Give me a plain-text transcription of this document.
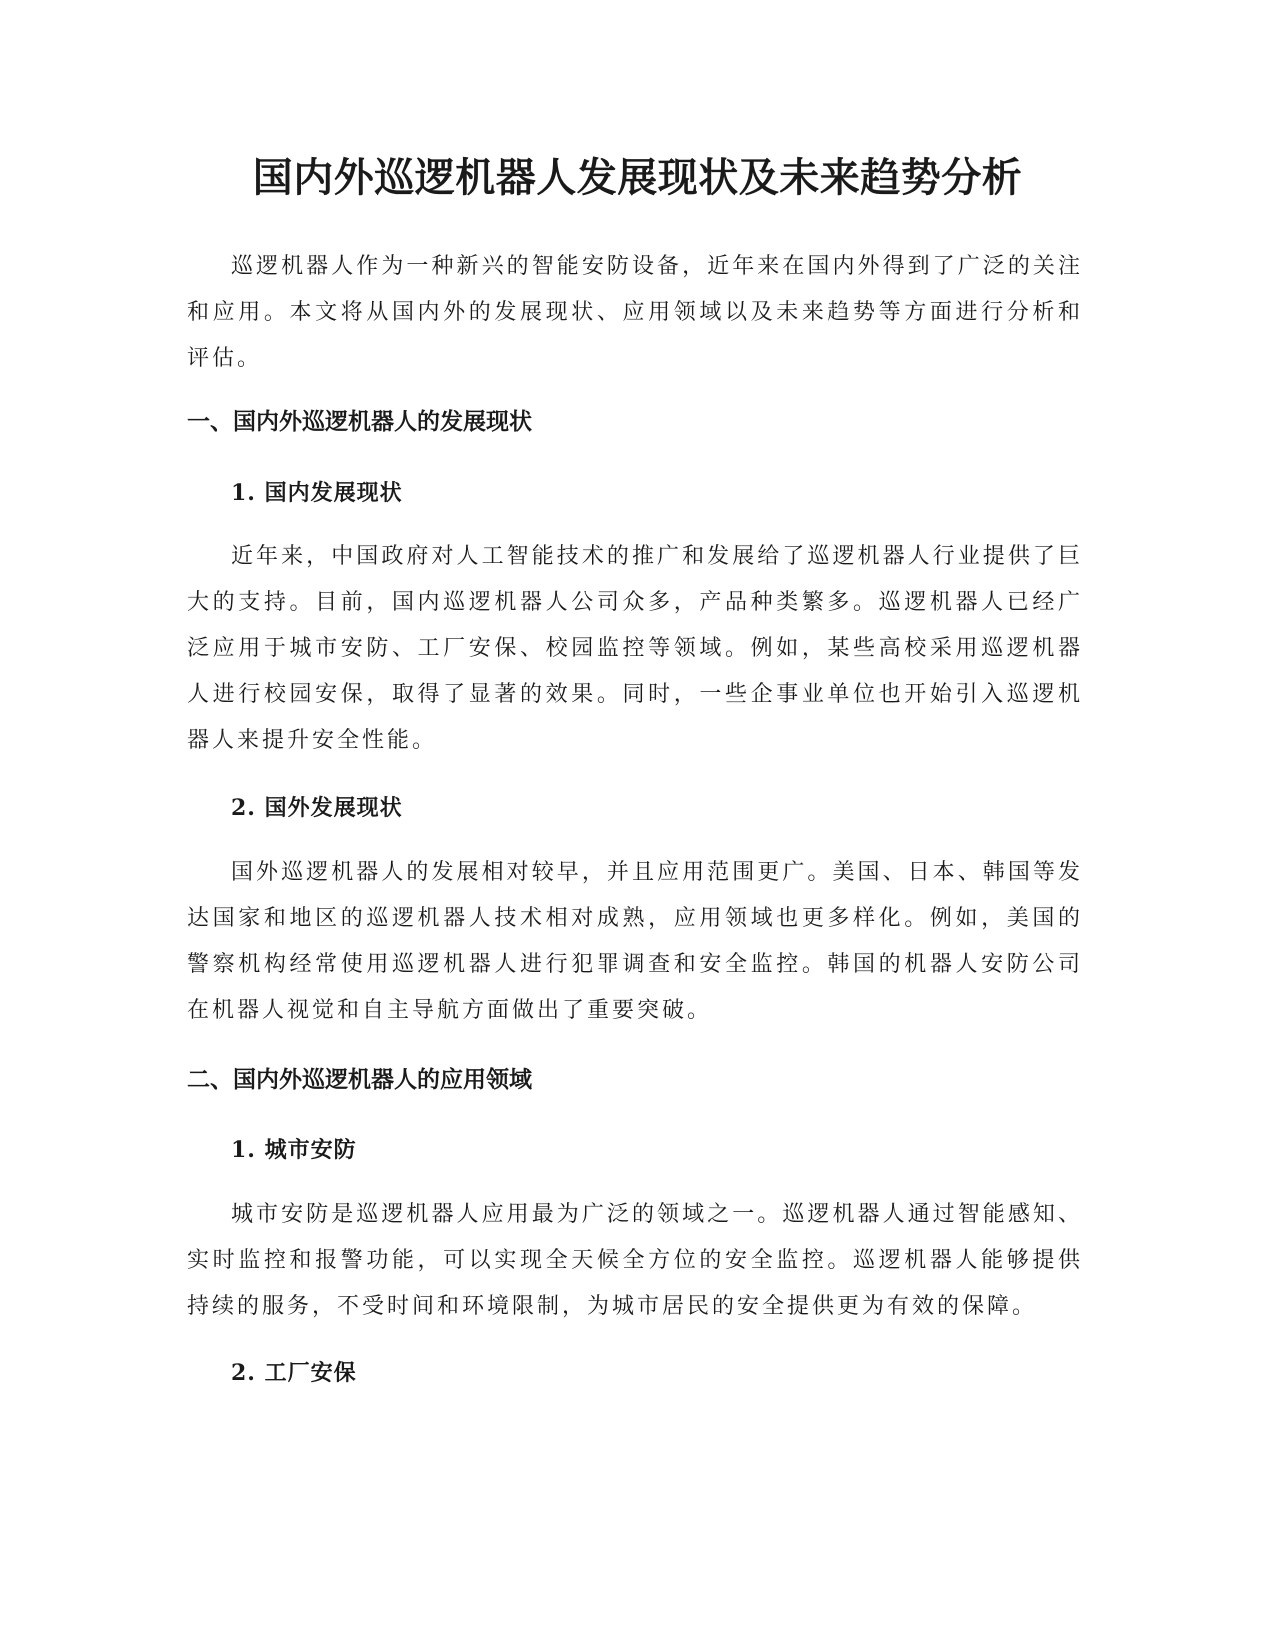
国内外巡逻机器人发展现状及未来趋势分析

巡逻机器人作为一种新兴的智能安防设备，近年来在国内外得到了广泛的关注和应用。本文将从国内外的发展现状、应用领域以及未来趋势等方面进行分析和评估。

一、国内外巡逻机器人的发展现状
1. 国内发展现状

近年来，中国政府对人工智能技术的推广和发展给了巡逻机器人行业提供了巨大的支持。目前，国内巡逻机器人公司众多，产品种类繁多。巡逻机器人已经广泛应用于城市安防、工厂安保、校园监控等领域。例如，某些高校采用巡逻机器人进行校园安保，取得了显著的效果。同时，一些企事业单位也开始引入巡逻机器人来提升安全性能。

2. 国外发展现状

国外巡逻机器人的发展相对较早，并且应用范围更广。美国、日本、韩国等发达国家和地区的巡逻机器人技术相对成熟，应用领域也更多样化。例如，美国的警察机构经常使用巡逻机器人进行犯罪调查和安全监控。韩国的机器人安防公司在机器人视觉和自主导航方面做出了重要突破。

二、国内外巡逻机器人的应用领域
1. 城市安防

城市安防是巡逻机器人应用最为广泛的领域之一。巡逻机器人通过智能感知、实时监控和报警功能，可以实现全天候全方位的安全监控。巡逻机器人能够提供持续的服务，不受时间和环境限制，为城市居民的安全提供更为有效的保障。

2. 工厂安保
